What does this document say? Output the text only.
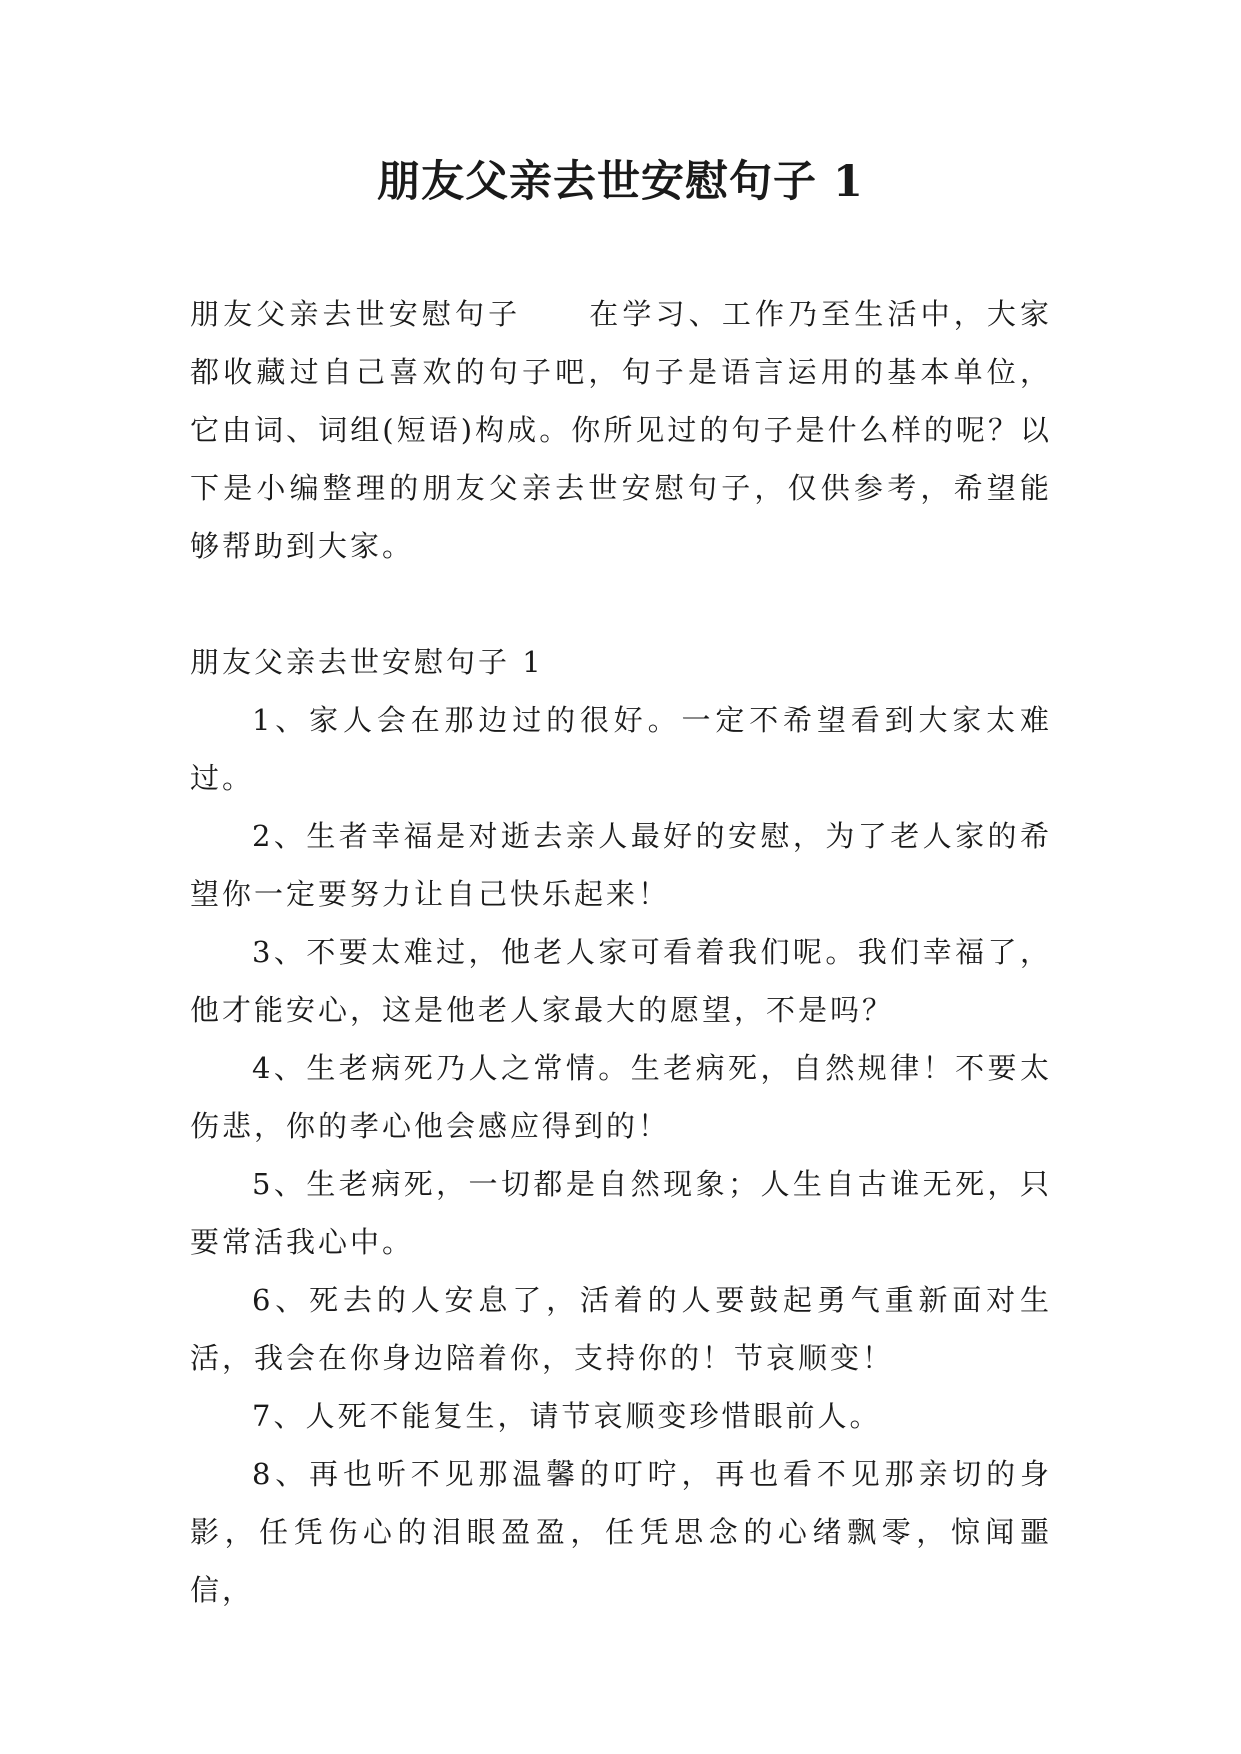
朋友父亲去世安慰句子 1

朋友父亲去世安慰句子 在学习、工作乃至生活中，大家都收藏过自己喜欢的句子吧，句子是语言运用的基本单位，它由词、词组(短语)构成。你所见过的句子是什么样的呢？以下是小编整理的朋友父亲去世安慰句子，仅供参考，希望能够帮助到大家。

朋友父亲去世安慰句子 1

1、家人会在那边过的很好。一定不希望看到大家太难过。

2、生者幸福是对逝去亲人最好的安慰，为了老人家的希望你一定要努力让自己快乐起来！

3、不要太难过，他老人家可看着我们呢。我们幸福了，他才能安心，这是他老人家最大的愿望，不是吗？

4、生老病死乃人之常情。生老病死，自然规律！不要太伤悲，你的孝心他会感应得到的！

5、生老病死，一切都是自然现象；人生自古谁无死，只要常活我心中。

6、死去的人安息了，活着的人要鼓起勇气重新面对生活，我会在你身边陪着你，支持你的！节哀顺变！

7、人死不能复生，请节哀顺变珍惜眼前人。

8、再也听不见那温馨的叮咛，再也看不见那亲切的身影，任凭伤心的泪眼盈盈，任凭思念的心绪飘零，惊闻噩信，
